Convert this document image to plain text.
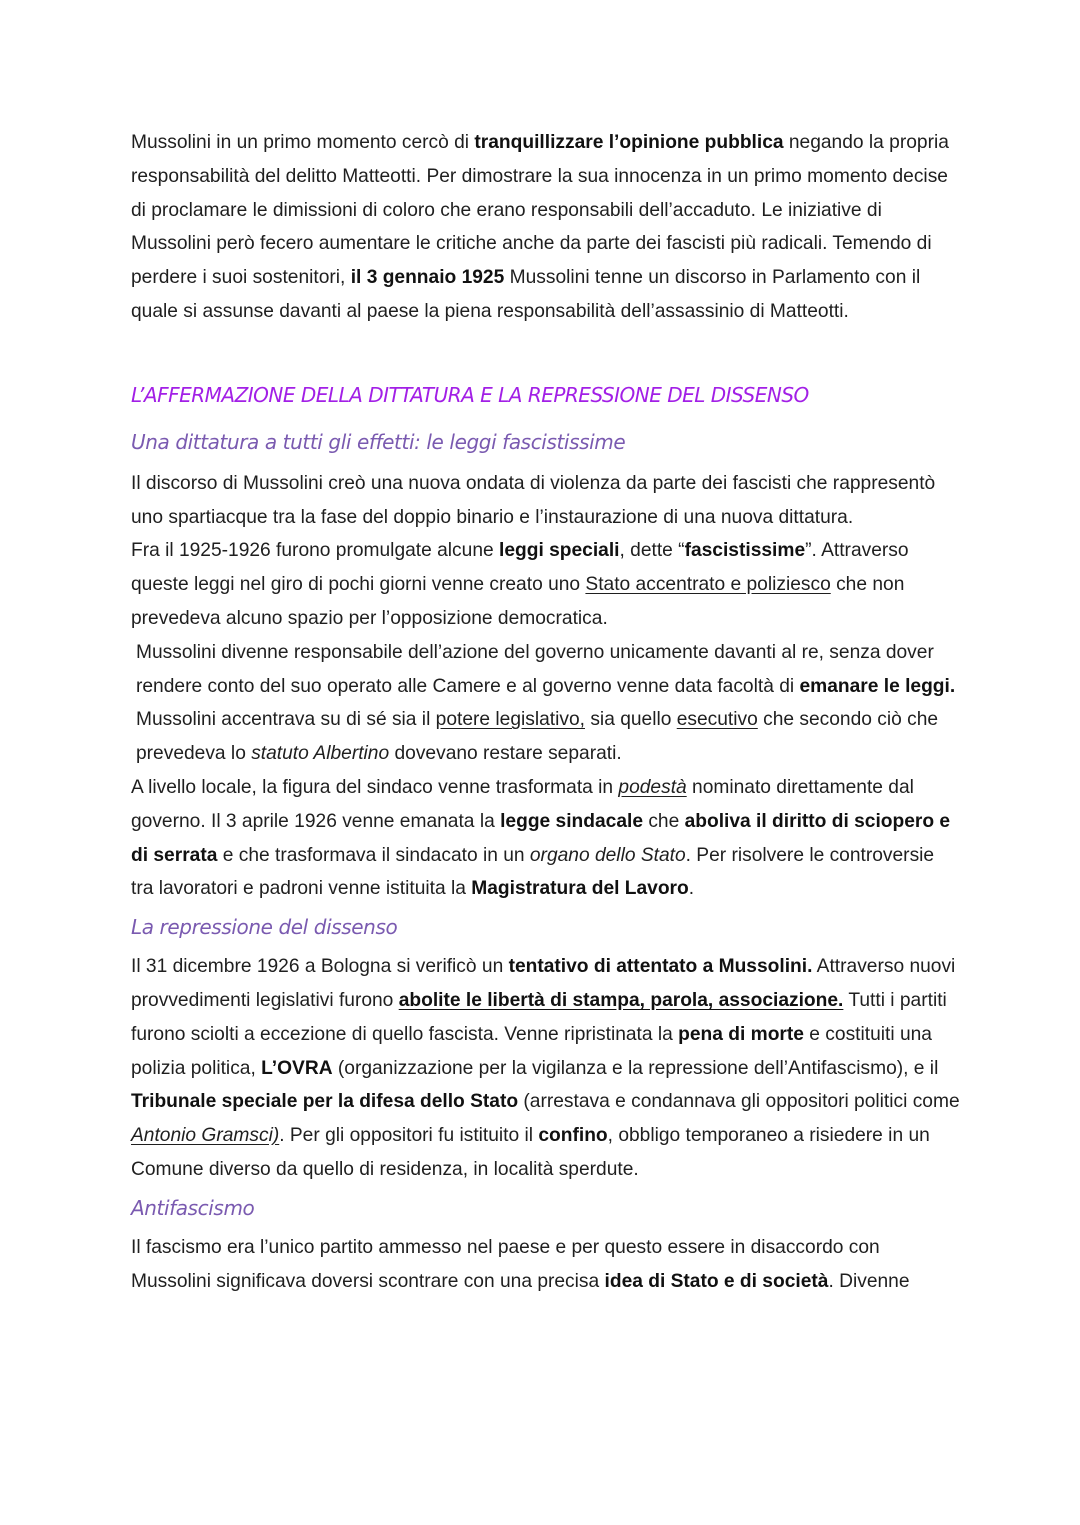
Mussolini in un primo momento cercò di tranquillizzare l’opinione pubblica negando la propria responsabilità del delitto Matteotti. Per dimostrare la sua innocenza in un primo momento decise di proclamare le dimissioni di coloro che erano responsabili dell’accaduto. Le iniziative di Mussolini però fecero aumentare le critiche anche da parte dei fascisti più radicali. Temendo di perdere i suoi sostenitori, il 3 gennaio 1925 Mussolini tenne un discorso in Parlamento con il quale si assunse davanti al paese la piena responsabilità dell’assassinio di Matteotti.

L’AFFERMAZIONE DELLA DITTATURA E LA REPRESSIONE DEL DISSENSO
Una dittatura a tutti gli effetti: le leggi fascistissime

Il discorso di Mussolini creò una nuova ondata di violenza da parte dei fascisti che rappresentò uno spartiacque tra la fase del doppio binario e l’instaurazione di una nuova dittatura.

Fra il 1925-1926 furono promulgate alcune leggi speciali, dette “fascistissime”. Attraverso queste leggi nel giro di pochi giorni venne creato uno Stato accentrato e poliziesco che non prevedeva alcuno spazio per l’opposizione democratica.

Mussolini divenne responsabile dell’azione del governo unicamente davanti al re, senza dover rendere conto del suo operato alle Camere e al governo venne data facoltà di emanare le leggi. Mussolini accentrava su di sé sia il potere legislativo, sia quello esecutivo che secondo ciò che prevedeva lo statuto Albertino dovevano restare separati.

A livello locale, la figura del sindaco venne trasformata in podestà nominato direttamente dal governo. Il 3 aprile 1926 venne emanata la legge sindacale che aboliva il diritto di sciopero e di serrata e che trasformava il sindacato in un organo dello Stato. Per risolvere le controversie tra lavoratori e padroni venne istituita la Magistratura del Lavoro.

La repressione del dissenso

Il 31 dicembre 1926 a Bologna si verificò un tentativo di attentato a Mussolini. Attraverso nuovi provvedimenti legislativi furono abolite le libertà di stampa, parola, associazione. Tutti i partiti furono sciolti a eccezione di quello fascista. Venne ripristinata la pena di morte e costituiti una polizia politica, L’OVRA (organizzazione per la vigilanza e la repressione dell’Antifascismo), e il Tribunale speciale per la difesa dello Stato (arrestava e condannava gli oppositori politici come Antonio Gramsci). Per gli oppositori fu istituito il confino, obbligo temporaneo a risiedere in un Comune diverso da quello di residenza, in località sperdute.

Antifascismo

Il fascismo era l’unico partito ammesso nel paese e per questo essere in disaccordo con Mussolini significava doversi scontrare con una precisa idea di Stato e di società. Divenne
